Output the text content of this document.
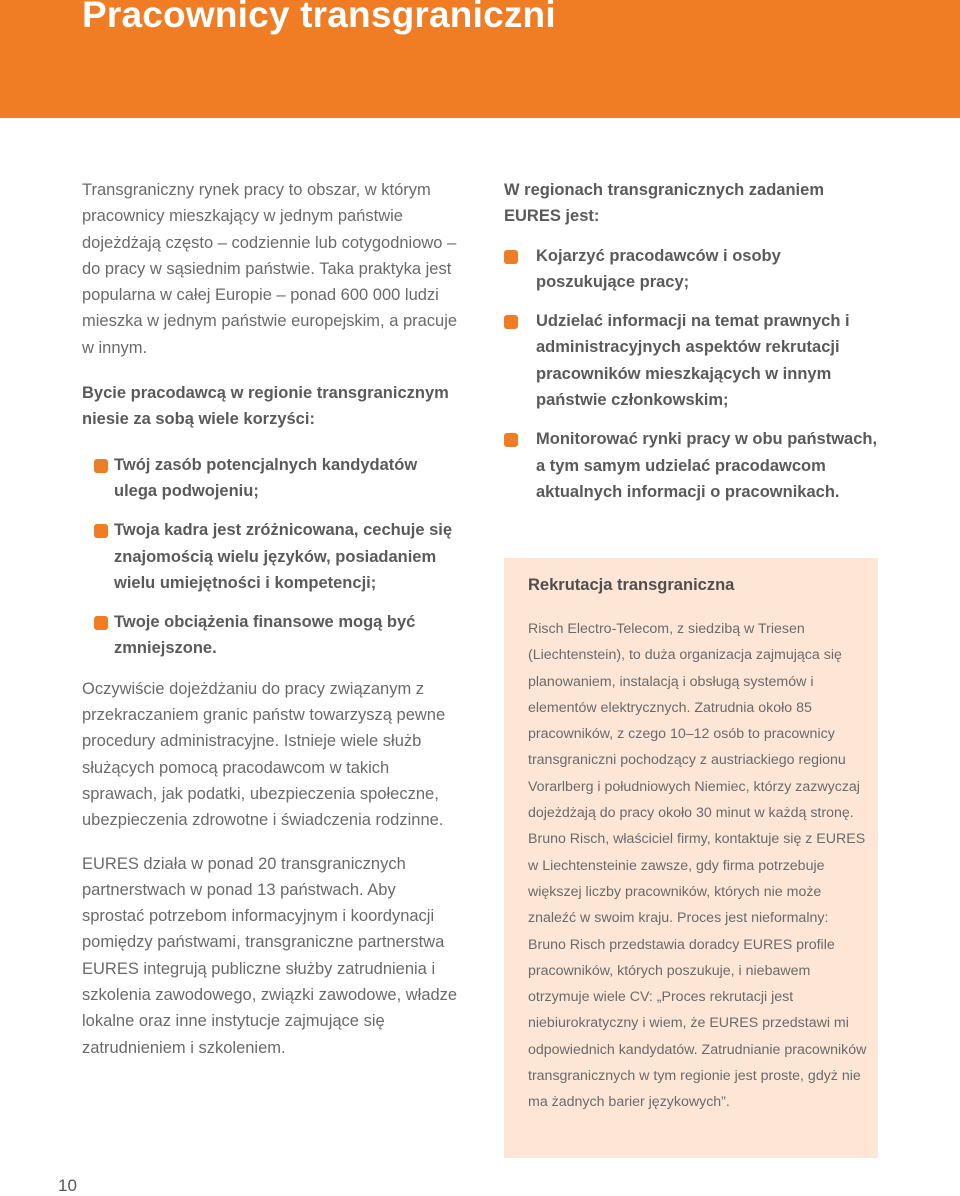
Pracownicy transgraniczni

Transgraniczny rynek pracy to obszar, w którym pracownicy mieszkający w jednym państwie dojeżdżają często – codziennie lub cotygodniowo – do pracy w sąsiednim państwie. Taka praktyka jest popularna w całej Europie – ponad 600 000 ludzi mieszka w jednym państwie europejskim, a pracuje w innym.

Bycie pracodawcą w regionie transgranicznym niesie za sobą wiele korzyści:

Twój zasób potencjalnych kandydatów ulega podwojeniu;
Twoja kadra jest zróżnicowana, cechuje się znajomością wielu języków, posiadaniem wielu umiejętności i kompetencji;
Twoje obciążenia finansowe mogą być zmniejszone.

Oczywiście dojeżdżaniu do pracy związanym z przekraczaniem granic państw towarzyszą pewne procedury administracyjne. Istnieje wiele służb służących pomocą pracodawcom w takich sprawach, jak podatki, ubezpieczenia społeczne, ubezpieczenia zdrowotne i świadczenia rodzinne.

EURES działa w ponad 20 transgranicznych partnerstwach w ponad 13 państwach. Aby sprostać potrzebom informacyjnym i koordynacji pomiędzy państwami, transgraniczne partnerstwa EURES integrują publiczne służby zatrudnienia i szkolenia zawodowego, związki zawodowe, władze lokalne oraz inne instytucje zajmujące się zatrudnieniem i szkoleniem.

W regionach transgranicznych zadaniem EURES jest:

Kojarzyć pracodawców i osoby poszukujące pracy;
Udzielać informacji na temat prawnych i administracyjnych aspektów rekrutacji pracowników mieszkających w innym państwie członkowskim;
Monitorować rynki pracy w obu państwach, a tym samym udzielać pracodawcom aktualnych informacji o pracownikach.
Rekrutacja transgraniczna

Risch Electro-Telecom, z siedzibą w Triesen (Liechtenstein), to duża organizacja zajmująca się planowaniem, instalacją i obsługą systemów i elementów elektrycznych. Zatrudnia około 85 pracowników, z czego 10–12 osób to pracownicy transgraniczni pochodzący z austriackiego regionu Vorarlberg i południowych Niemiec, którzy zazwyczaj dojeżdżają do pracy około 30 minut w każdą stronę. Bruno Risch, właściciel firmy, kontaktuje się z EURES w Liechtensteinie zawsze, gdy firma potrzebuje większej liczby pracowników, których nie może znaleźć w swoim kraju. Proces jest nieformalny: Bruno Risch przedstawia doradcy EURES profile pracowników, których poszukuje, i niebawem otrzymuje wiele CV: „Proces rekrutacji jest niebiurokratyczny i wiem, że EURES przedstawi mi odpowiednich kandydatów. Zatrudnianie pracowników transgranicznych w tym regionie jest proste, gdyż nie ma żadnych barier językowych”.

10
